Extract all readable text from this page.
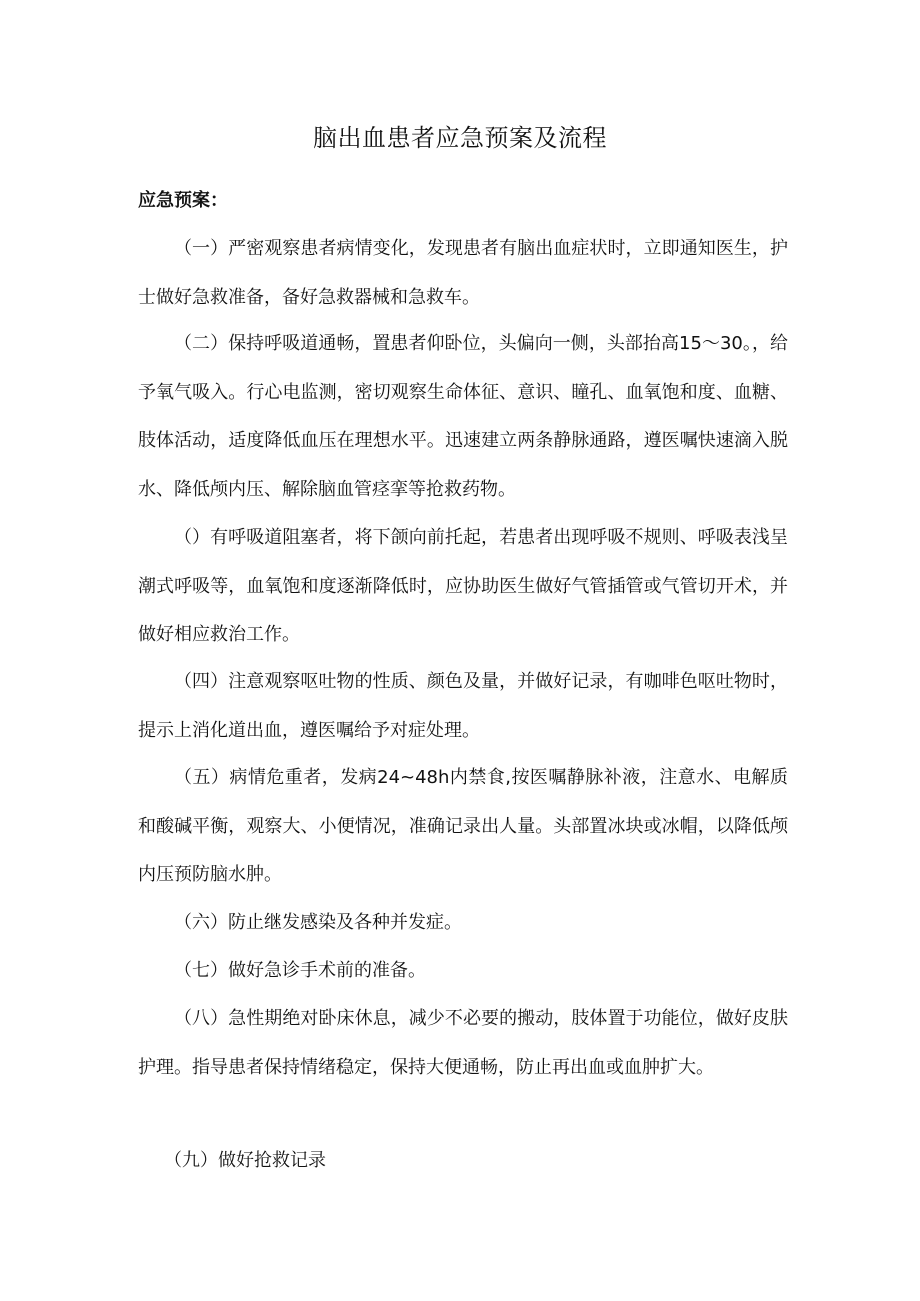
脑出血患者应急预案及流程
应急预案：
（一）严密观察患者病情变化，发现患者有脑出血症状时，立即通知医生，护士做好急救准备，备好急救器械和急救车。
（二）保持呼吸道通畅，置患者仰卧位，头偏向一侧，头部抬高15～30。，给予氧气吸入。行心电监测，密切观察生命体征、意识、瞳孔、血氧饱和度、血糖、肢体活动，适度降低血压在理想水平。迅速建立两条静脉通路，遵医嘱快速滴入脱水、降低颅内压、解除脑血管痉挛等抢救药物。
（）有呼吸道阻塞者，将下颌向前托起，若患者出现呼吸不规则、呼吸表浅呈潮式呼吸等，血氧饱和度逐渐降低时，应协助医生做好气管插管或气管切开术，并做好相应救治工作。
（四）注意观察呕吐物的性质、颜色及量，并做好记录，有咖啡色呕吐物时，提示上消化道出血，遵医嘱给予对症处理。
（五）病情危重者，发病24~48h内禁食,按医嘱静脉补液，注意水、电解质和酸碱平衡，观察大、小便情况，准确记录出人量。头部置冰块或冰帽，以降低颅内压预防脑水肿。
（六）防止继发感染及各种并发症。
（七）做好急诊手术前的准备。
（八）急性期绝对卧床休息，减少不必要的搬动，肢体置于功能位，做好皮肤护理。指导患者保持情绪稳定，保持大便通畅，防止再出血或血肿扩大。
（九）做好抢救记录
